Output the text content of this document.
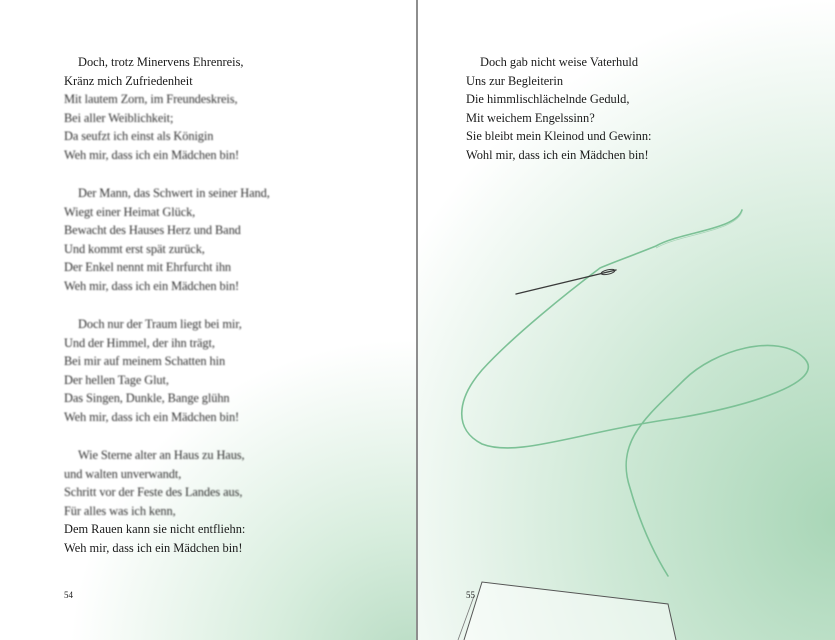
Doch, trotz Minervens Ehrenreis,
Kränz mich Zufriedenheit
Mit lautem Zorn, im Freundeskreis,
Bei aller Weiblichkeit;
Da seufzt ich einst als Königin
Weh mir, dass ich ein Mädchen bin!
Der Mann, das Schwert in seiner Hand,
Wiegt einer Heimat Glück,
Bewacht des Hauses Herz und Band
Und kommt erst spät zurück,
Der Enkel nennt mit Ehrfurcht ihn
Weh mir, dass ich ein Mädchen bin!
Doch nur der Traum liegt bei mir,
Und der Himmel, der ihn trägt,
Bei mir auf meinem Schatten hin
Der hellen Tage Glut,
Das Singen, Dunkle, Bange glühn
Weh mir, dass ich ein Mädchen bin!
Wie Sterne alter an Haus zu Haus,
und walten unverwandt,
Schritt vor der Feste des Landes aus,
Für alles was ich kenn,
Dem Rauen kann sie nicht entfliehn:
Weh mir, dass ich ein Mädchen bin!
54
Doch gab nicht weise Vaterhuld
Uns zur Begleiterin
Die himmlischlächelnde Geduld,
Mit weichem Engelssinn?
Sie bleibt mein Kleinod und Gewinn:
Wohl mir, dass ich ein Mädchen bin!
55
